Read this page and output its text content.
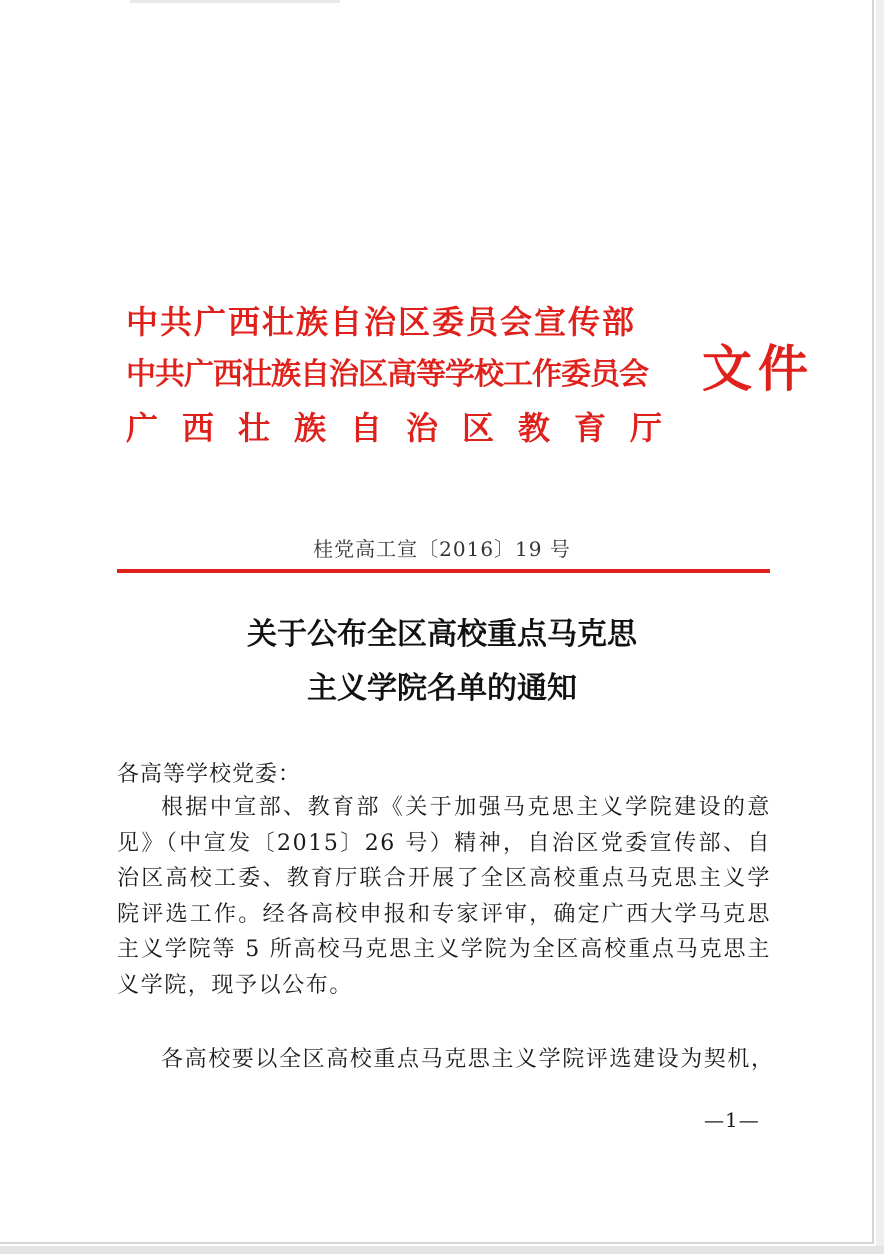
中共广西壮族自治区委员会宣传部
中共广西壮族自治区高等学校工作委员会
广西壮族自治区教育厅
文件
桂党高工宣〔2016〕19 号
关于公布全区高校重点马克思
主义学院名单的通知
各高等学校党委：

根据中宣部、教育部《关于加强马克思主义学院建设的意见》（中宣发〔2015〕26 号）精神，自治区党委宣传部、自治区高校工委、教育厅联合开展了全区高校重点马克思主义学院评选工作。经各高校申报和专家评审，确定广西大学马克思主义学院等 5 所高校马克思主义学院为全区高校重点马克思主义学院，现予以公布。

各高校要以全区高校重点马克思主义学院评选建设为契机，

—1—
